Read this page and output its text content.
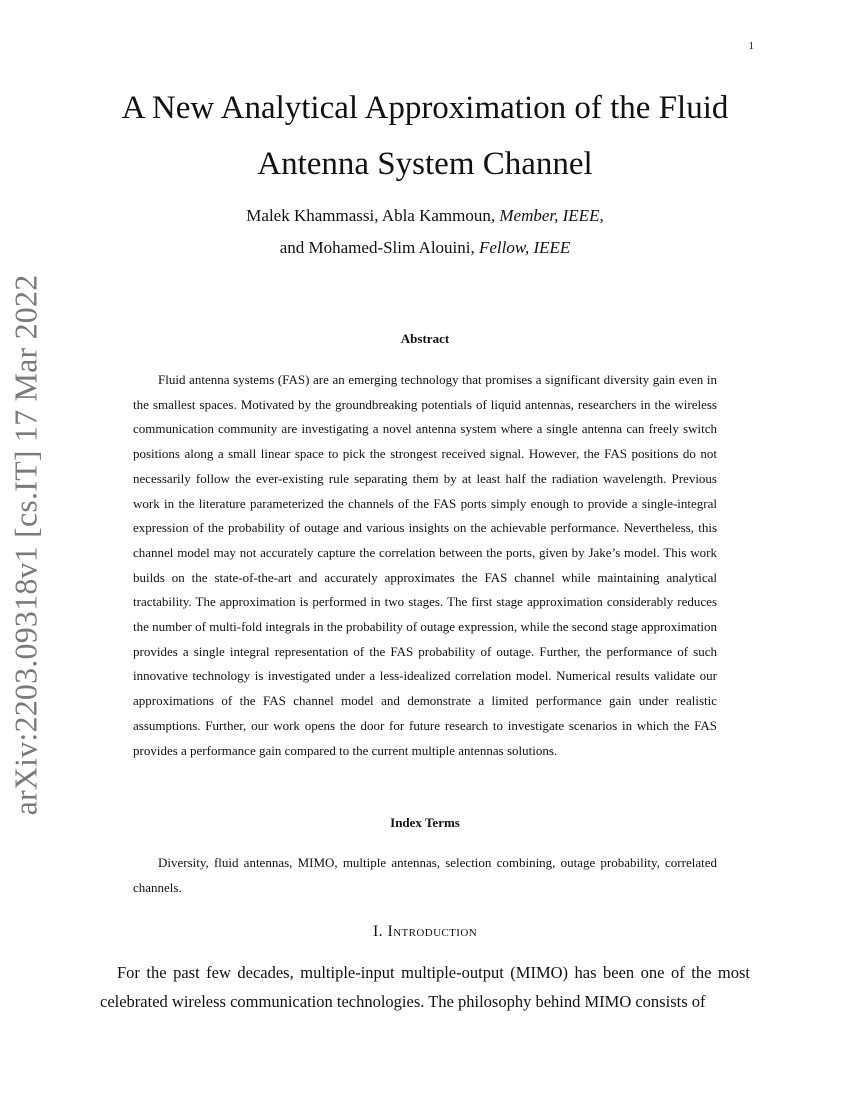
1
arXiv:2203.09318v1 [cs.IT] 17 Mar 2022
A New Analytical Approximation of the Fluid
Antenna System Channel
Malek Khammassi, Abla Kammoun, Member, IEEE,
and Mohamed-Slim Alouini, Fellow, IEEE
Abstract

Fluid antenna systems (FAS) are an emerging technology that promises a significant diversity gain even in the smallest spaces. Motivated by the groundbreaking potentials of liquid antennas, researchers in the wireless communication community are investigating a novel antenna system where a single antenna can freely switch positions along a small linear space to pick the strongest received signal. However, the FAS positions do not necessarily follow the ever-existing rule separating them by at least half the radiation wavelength. Previous work in the literature parameterized the channels of the FAS ports simply enough to provide a single-integral expression of the probability of outage and various insights on the achievable performance. Nevertheless, this channel model may not accurately capture the correlation between the ports, given by Jake’s model. This work builds on the state-of-the-art and accurately approximates the FAS channel while maintaining analytical tractability. The approximation is performed in two stages. The first stage approximation considerably reduces the number of multi-fold integrals in the probability of outage expression, while the second stage approximation provides a single integral representation of the FAS probability of outage. Further, the performance of such innovative technology is investigated under a less-idealized correlation model. Numerical results validate our approximations of the FAS channel model and demonstrate a limited performance gain under realistic assumptions. Further, our work opens the door for future research to investigate scenarios in which the FAS provides a performance gain compared to the current multiple antennas solutions.

Index Terms

Diversity, fluid antennas, MIMO, multiple antennas, selection combining, outage probability, correlated channels.

I. Introduction

For the past few decades, multiple-input multiple-output (MIMO) has been one of the most celebrated wireless communication technologies. The philosophy behind MIMO consists of
